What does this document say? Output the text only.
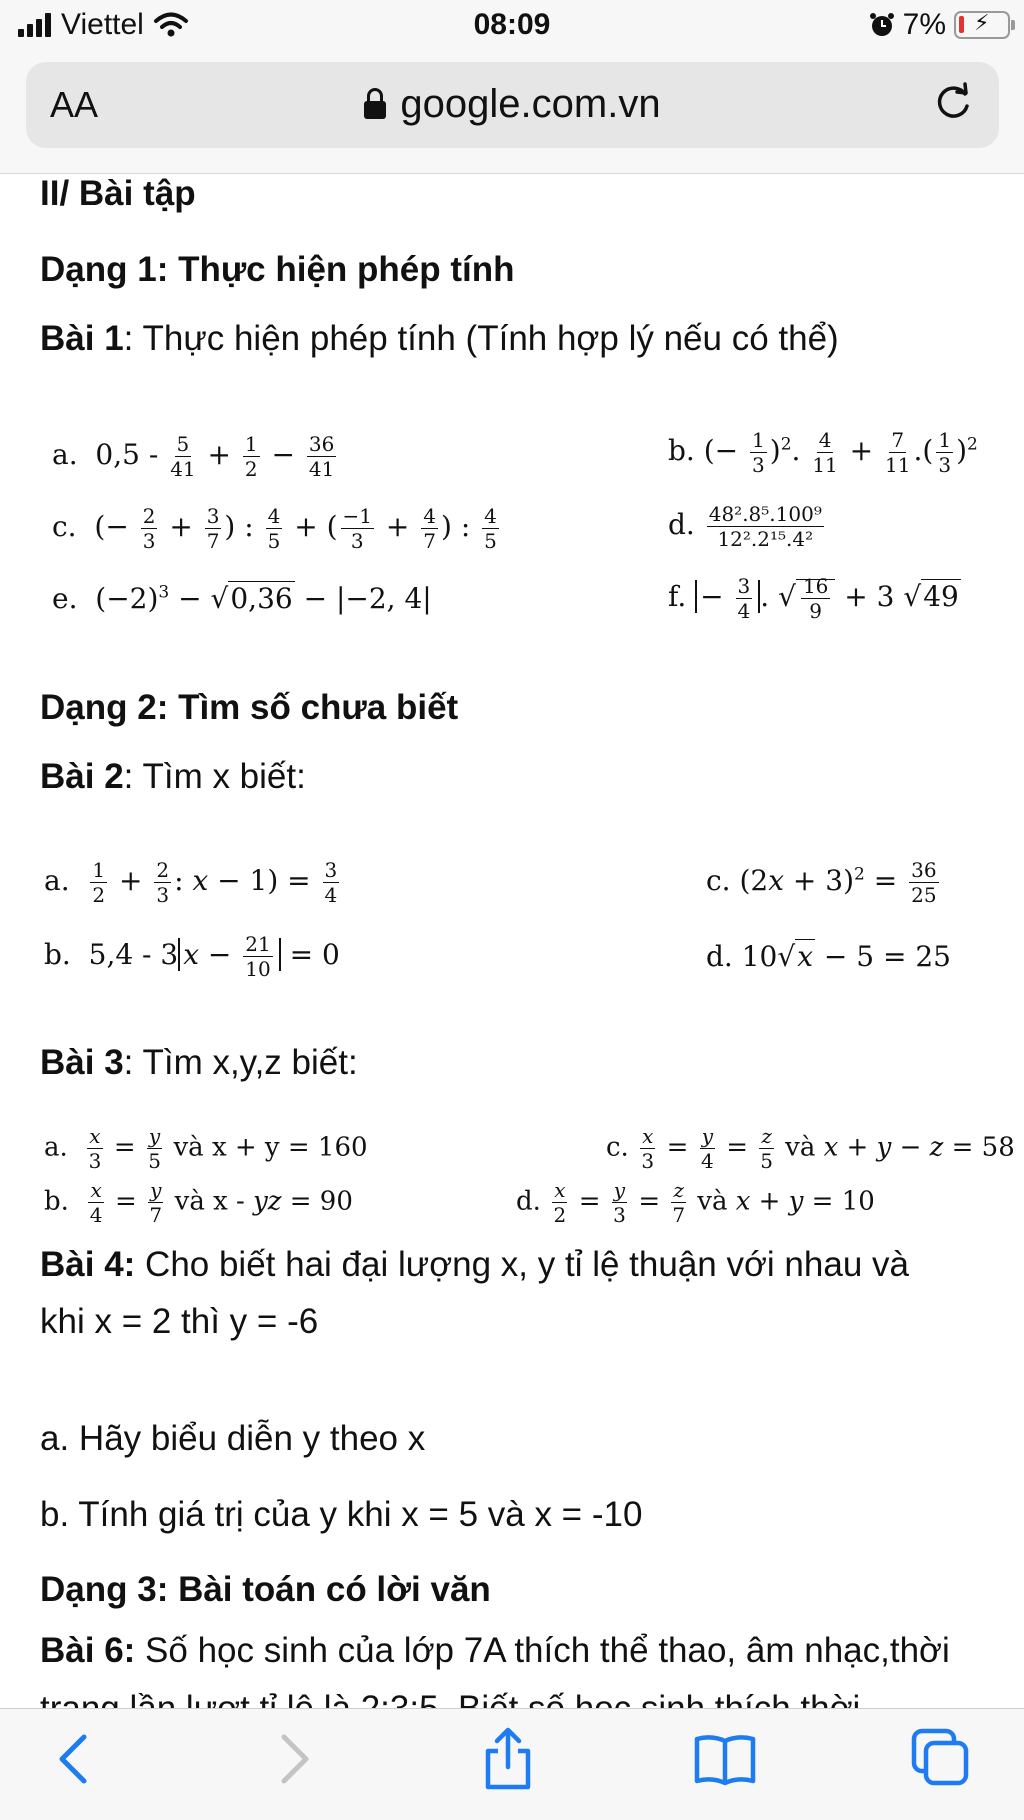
Viettel	08:09	7% ⚡
AA	google.com.vn

II/ Bài tập

Dạng 1: Thực hiện phép tính

Bài 1: Thực hiện phép tính (Tính hợp lý nếu có thể)

a.  $0,5 - \frac{5}{41} + \frac{1}{2} - \frac{36}{41}$	b. (− $\frac{1}{3} )^2$. $\frac{4}{11} + \frac{7}{11}$ .( $\frac{1}{3} )^2$
c.  (− $\frac{2}{3} + \frac{3}{7}$ ) : $\frac{4}{5}$ + ( $\frac{-1}{3} + \frac{4}{7}$ ) : $\frac{4}{5}$	d. $\frac{\text{48²​.8⁵​.100⁹}}{\text{12²​.2¹⁵​.4²}}$
e.  $(-2)^3 - √0,36 - |-2$, 4|	f. − $\frac{3}{4}$ . √ $\frac{16}{9} + 3$ √49

Dạng 2: Tìm số chưa biết

Bài 2: Tìm x biết:

a. $\frac{1}{2} + \frac{2}{3}$ : $x - 1) = \frac{3}{4}$	c. $(2x + 3)^2 = \frac{36}{25}$
b.  5,4 - 3 $x - \frac{21}{10} = 0$	d. 10√x − 5 = 25

Bài 3: Tìm x,y,z biết:

a. $\frac{x}{3} = \frac{y}{5}$ và x + y = 160	c. $\frac{x}{3} = \frac{y}{4} = \frac{z}{5}$ và x + y − z = 58
b. $\frac{x}{4} = \frac{y}{7}$ và x - yz = 90	d. $\frac{x}{2} = \frac{y}{3} = \frac{z}{7}$ và x + y = 10

Bài 4: Cho biết hai đại lượng x, y tỉ lệ thuận với nhau và

khi x = 2 thì y = -6

a. Hãy biểu diễn y theo x

b. Tính giá trị của y khi x = 5 và x = -10

Dạng 3: Bài toán có lời văn

Bài 6: Số học sinh của lớp 7A thích thể thao, âm nhạc,thời
